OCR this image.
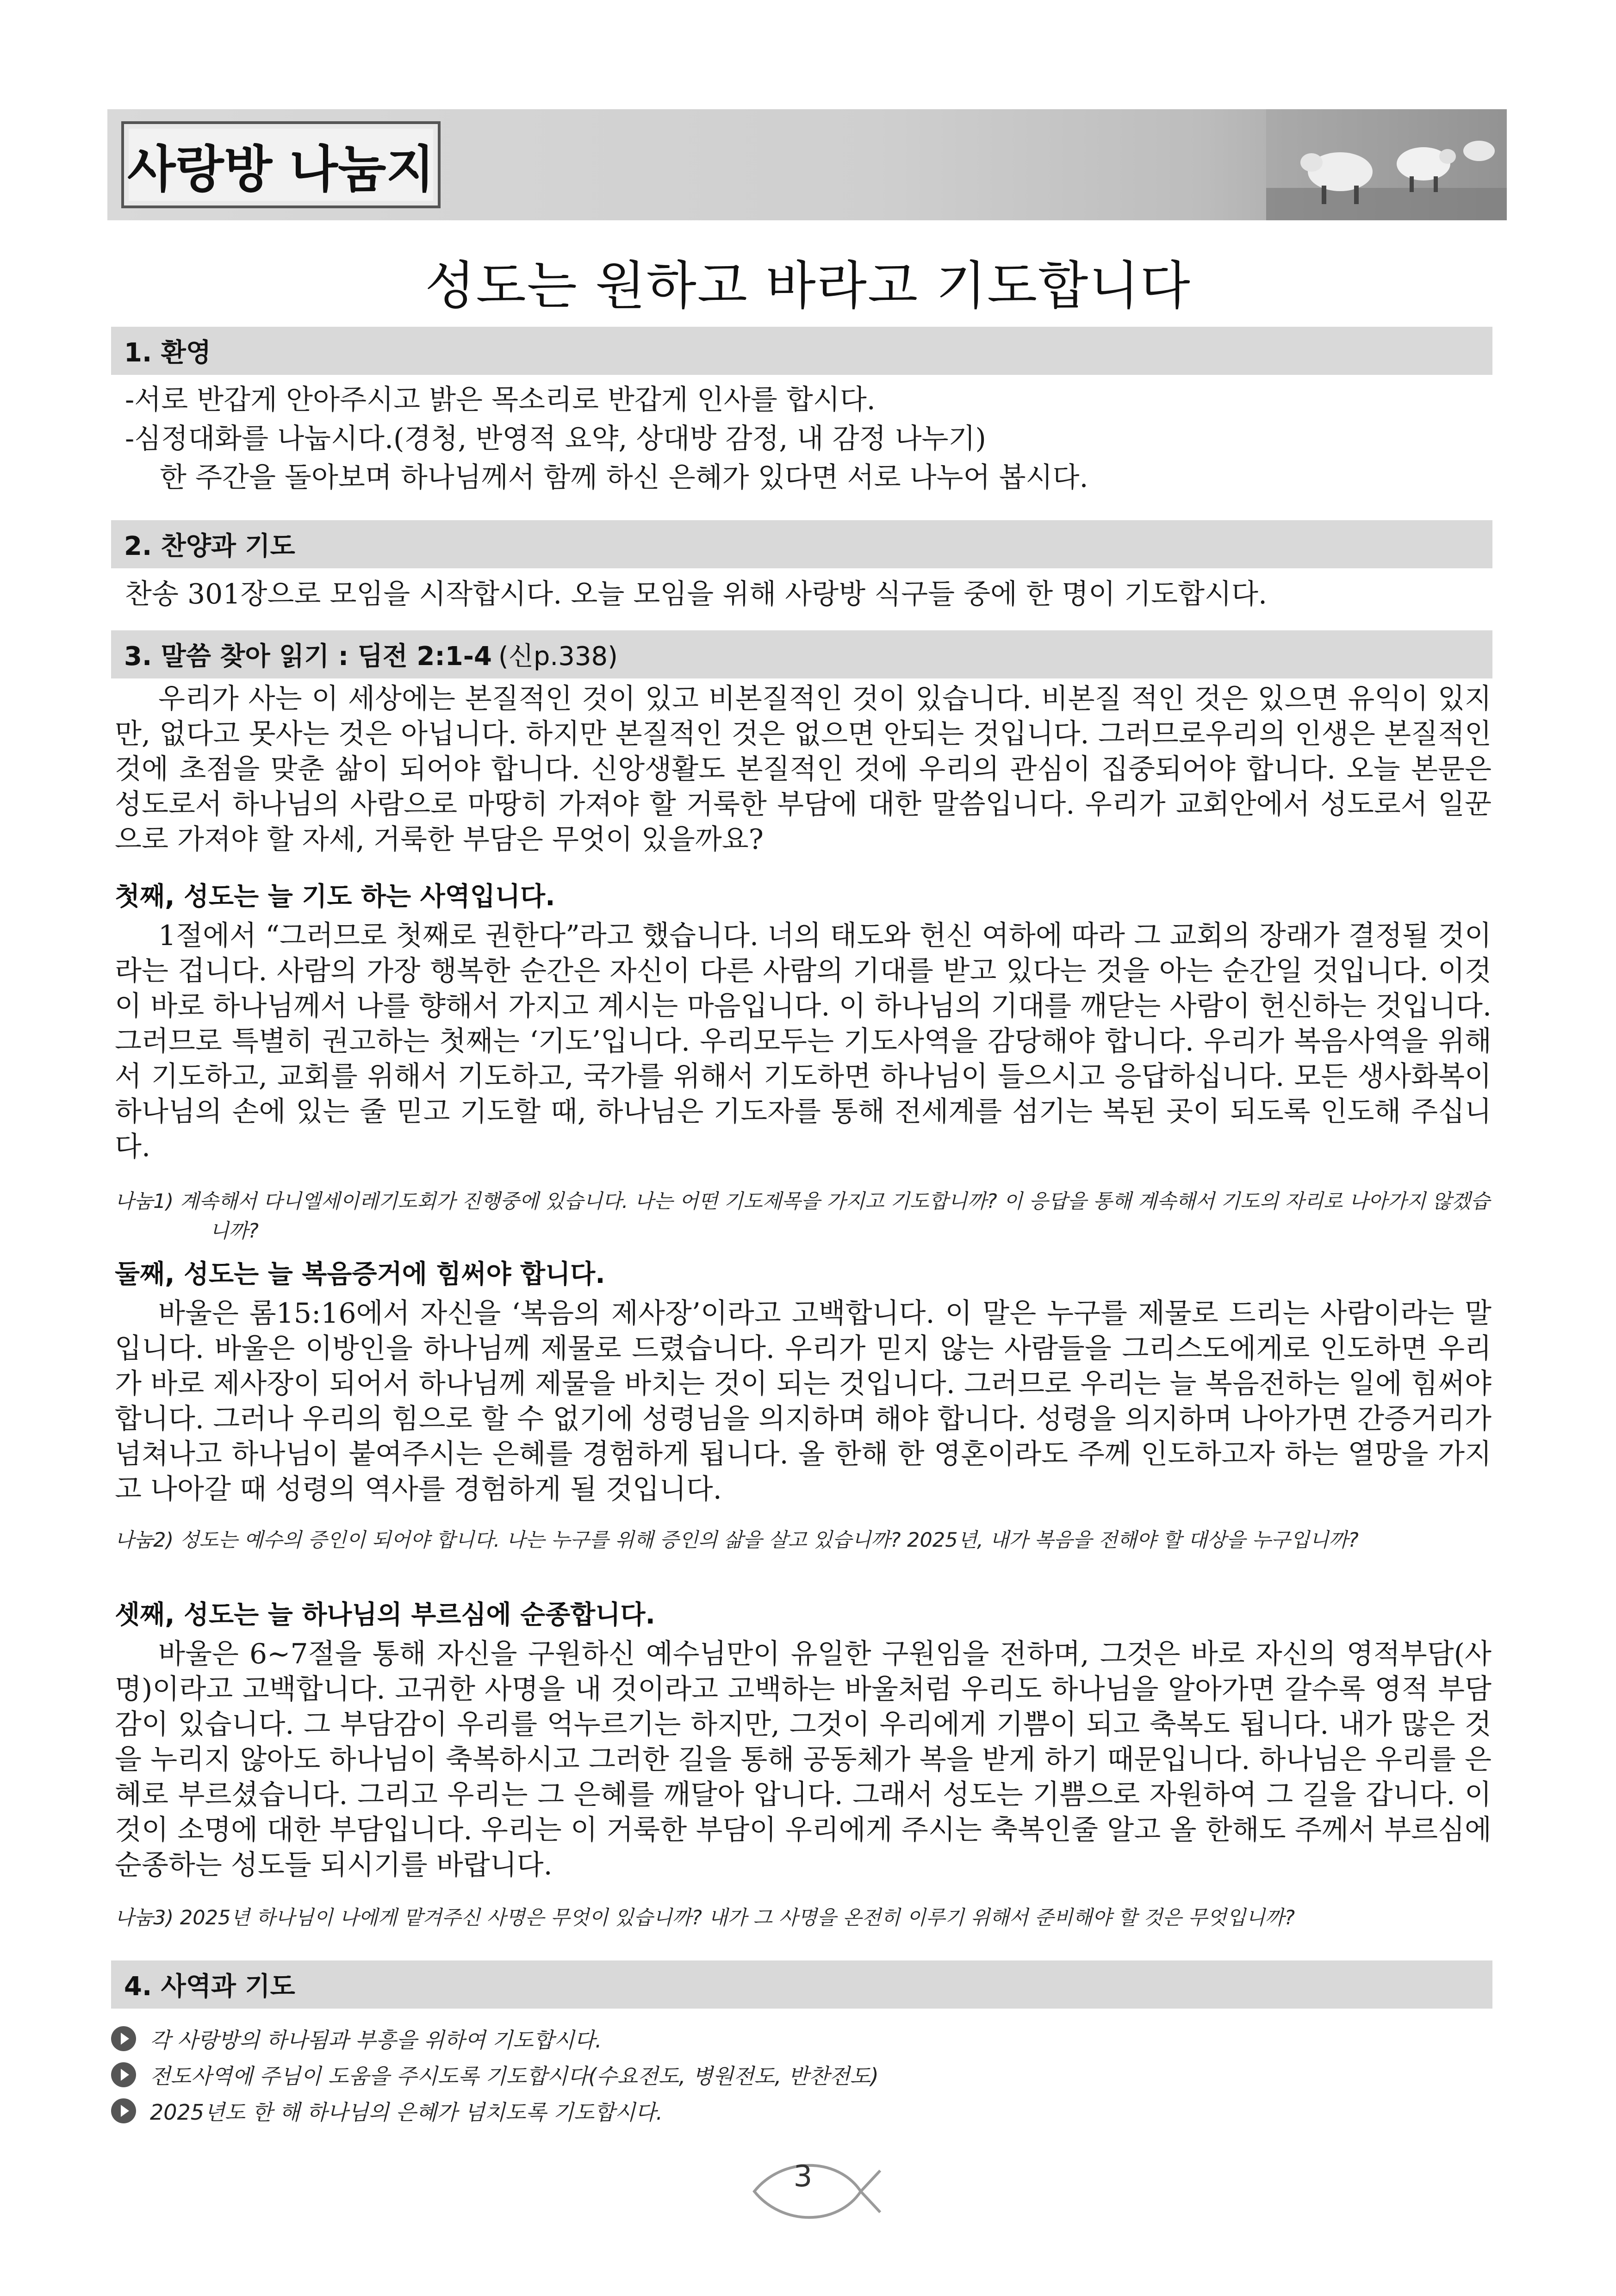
사랑방 나눔지
성도는 원하고 바라고 기도합니다
1. 환영
-서로 반갑게 안아주시고 밝은 목소리로 반갑게 인사를 합시다.
-심정대화를 나눕시다.(경청, 반영적 요약, 상대방 감정, 내 감정 나누기)
한 주간을 돌아보며 하나님께서 함께 하신 은혜가 있다면 서로 나누어 봅시다.
2. 찬양과 기도
찬송 301장으로 모임을 시작합시다. 오늘 모임을 위해 사랑방 식구들 중에 한 명이 기도합시다.
3. 말씀 찾아 읽기 : 딤전 2:1-4 (신p.338)

우리가 사는 이 세상에는 본질적인 것이 있고 비본질적인 것이 있습니다. 비본질 적인 것은 있으면 유익이 있지만, 없다고 못사는 것은 아닙니다. 하지만 본질적인 것은 없으면 안되는 것입니다. 그러므로우리의 인생은 본질적인 것에 초점을 맞춘 삶이 되어야 합니다. 신앙생활도 본질적인 것에 우리의 관심이 집중되어야 합니다. 오늘 본문은 성도로서 하나님의 사람으로 마땅히 가져야 할 거룩한 부담에 대한 말씀입니다. 우리가 교회안에서 성도로서 일꾼으로 가져야 할 자세, 거룩한 부담은 무엇이 있을까요?

첫째, 성도는 늘 기도 하는 사역입니다.

1절에서 “그러므로 첫째로 권한다”라고 했습니다. 너의 태도와 헌신 여하에 따라 그 교회의 장래가 결정될 것이라는 겁니다. 사람의 가장 행복한 순간은 자신이 다른 사람의 기대를 받고 있다는 것을 아는 순간일 것입니다. 이것이 바로 하나님께서 나를 향해서 가지고 계시는 마음입니다. 이 하나님의 기대를 깨닫는 사람이 헌신하는 것입니다. 그러므로 특별히 권고하는 첫째는 ‘기도’입니다. 우리모두는 기도사역을 감당해야 합니다. 우리가 복음사역을 위해서 기도하고, 교회를 위해서 기도하고, 국가를 위해서 기도하면 하나님이 들으시고 응답하십니다. 모든 생사화복이 하나님의 손에 있는 줄 믿고 기도할 때, 하나님은 기도자를 통해 전세계를 섬기는 복된 곳이 되도록 인도해 주십니다.

나눔1) 계속해서 다니엘세이레기도회가 진행중에 있습니다. 나는 어떤 기도제목을 가지고 기도합니까? 이 응답을 통해 계속해서 기도의 자리로 나아가지 않겠습니까?
둘째, 성도는 늘 복음증거에 힘써야 합니다.

바울은 롬15:16에서 자신을 ‘복음의 제사장’이라고 고백합니다. 이 말은 누구를 제물로 드리는 사람이라는 말입니다. 바울은 이방인을 하나님께 제물로 드렸습니다. 우리가 믿지 않는 사람들을 그리스도에게로 인도하면 우리가 바로 제사장이 되어서 하나님께 제물을 바치는 것이 되는 것입니다. 그러므로 우리는 늘 복음전하는 일에 힘써야 합니다. 그러나 우리의 힘으로 할 수 없기에 성령님을 의지하며 해야 합니다. 성령을 의지하며 나아가면 간증거리가 넘쳐나고 하나님이 붙여주시는 은혜를 경험하게 됩니다. 올 한해 한 영혼이라도 주께 인도하고자 하는 열망을 가지고 나아갈 때 성령의 역사를 경험하게 될 것입니다.

나눔2) 성도는 예수의 증인이 되어야 합니다. 나는 누구를 위해 증인의 삶을 살고 있습니까? 2025년, 내가 복음을 전해야 할 대상을 누구입니까?
셋째, 성도는 늘 하나님의 부르심에 순종합니다.

바울은 6~7절을 통해 자신을 구원하신 예수님만이 유일한 구원임을 전하며, 그것은 바로 자신의 영적부담(사명)이라고 고백합니다. 고귀한 사명을 내 것이라고 고백하는 바울처럼 우리도 하나님을 알아가면 갈수록 영적 부담감이 있습니다. 그 부담감이 우리를 억누르기는 하지만, 그것이 우리에게 기쁨이 되고 축복도 됩니다. 내가 많은 것을 누리지 않아도 하나님이 축복하시고 그러한 길을 통해 공동체가 복을 받게 하기 때문입니다. 하나님은 우리를 은혜로 부르셨습니다. 그리고 우리는 그 은혜를 깨달아 압니다. 그래서 성도는 기쁨으로 자원하여 그 길을 갑니다. 이것이 소명에 대한 부담입니다. 우리는 이 거룩한 부담이 우리에게 주시는 축복인줄 알고 올 한해도 주께서 부르심에 순종하는 성도들 되시기를 바랍니다.

나눔3) 2025년 하나님이 나에게 맡겨주신 사명은 무엇이 있습니까? 내가 그 사명을 온전히 이루기 위해서 준비해야 할 것은 무엇입니까?
4. 사역과 기도
각 사랑방의 하나됨과 부흥을 위하여 기도합시다.
전도사역에 주님이 도움을 주시도록 기도합시다(수요전도, 병원전도, 반찬전도)
2025년도 한 해 하나님의 은혜가 넘치도록 기도합시다.
3
